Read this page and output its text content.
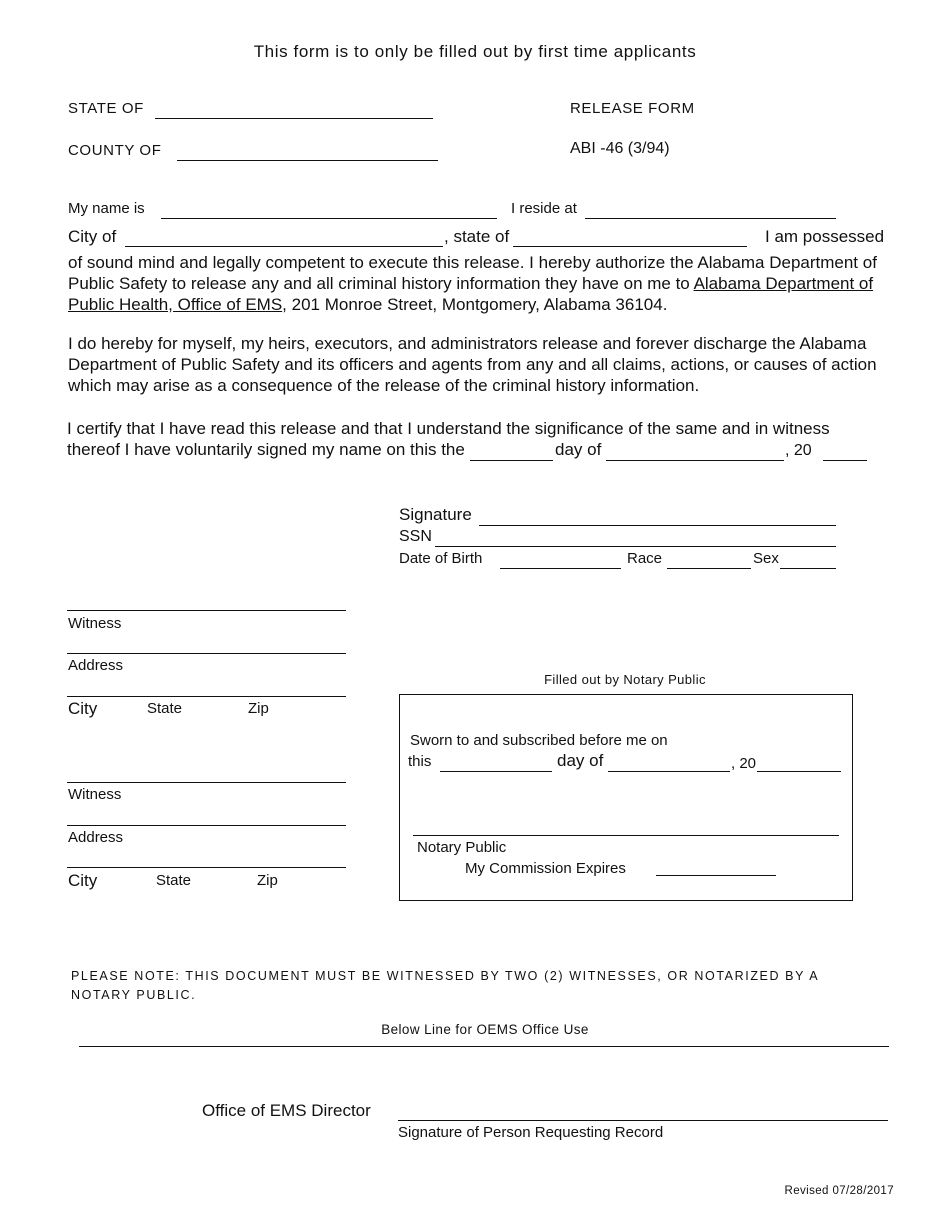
This form is to only be filled out by first time applicants
STATE OF
COUNTY OF
RELEASE FORM
ABI -46 (3/94)
My name is	I reside at
City of	, state of	I am possessed
of sound mind and legally competent to execute this release. I hereby authorize the Alabama Department of Public Safety to release any and all criminal history information they have on me to Alabama Department of Public Health, Office of EMS, 201 Monroe Street, Montgomery, Alabama 36104.
I do hereby for myself, my heirs, executors, and administrators release and forever discharge the Alabama Department of Public Safety and its officers and agents from any and all claims, actions, or causes of action which may arise as a consequence of the release of the criminal history information.
I certify that I have read this release and that I understand the significance of the same and in witness
thereof I have voluntarily signed my name on this the	day of	, 20
Signature
SSN
Date of Birth	Race	Sex
Witness
Address
City	State	Zip
Witness
Address
City	State	Zip
Filled out by Notary Public
Sworn to and subscribed before me on
this	day of	, 20
Notary Public
My Commission Expires
PLEASE NOTE: THIS DOCUMENT MUST BE WITNESSED BY TWO (2) WITNESSES, OR NOTARIZED BY A NOTARY PUBLIC.
Below Line for OEMS Office Use
Office of EMS Director
Signature of Person Requesting Record
Revised 07/28/2017
